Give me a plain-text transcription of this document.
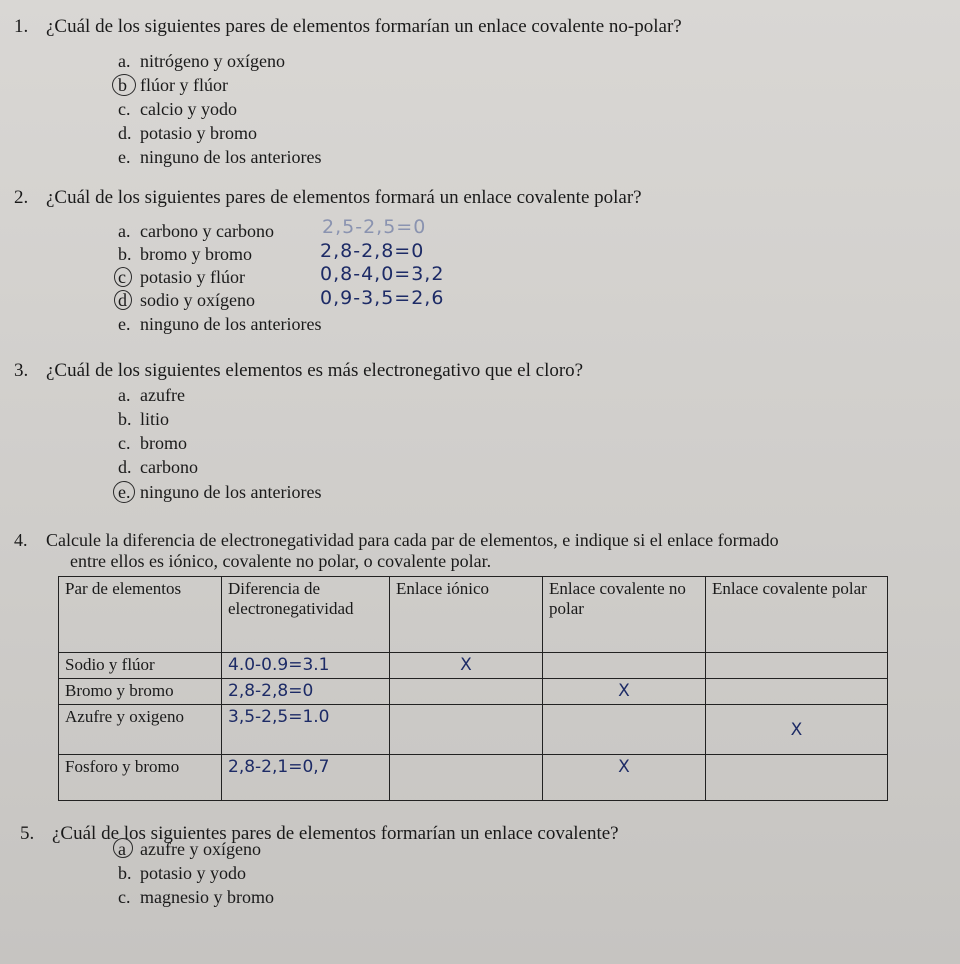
1. ¿Cuál de los siguientes pares de elementos formarían un enlace covalente no-polar?
a. nitrógeno y oxígeno
b flúor y flúor
c. calcio y yodo
d. potasio y bromo
e. ninguno de los anteriores
2. ¿Cuál de los siguientes pares de elementos formará un enlace covalente polar?
a. carbono y carbono
b. bromo y bromo
c potasio y flúor
d sodio y oxígeno
e. ninguno de los anteriores
2,5-2,5=0
2,8-2,8=0
0,8-4,0=3,2
0,9-3,5=2,6
3. ¿Cuál de los siguientes elementos es más electronegativo que el cloro?
a. azufre
b. litio
c. bromo
d. carbono
e. ninguno de los anteriores
4. Calcule la diferencia de electronegatividad para cada par de elementos, e indique si el enlace formado
entre ellos es iónico, covalente no polar, o covalente polar.
Par de elementos	Diferencia de electronegatividad	Enlace iónico	Enlace covalente no polar	Enlace covalente polar
Sodio y flúor	4.0-0.9=3.1	X		
Bromo y bromo	2,8-2,8=0		X	
Azufre y oxigeno	3,5-2,5=1.0			X
Fosforo y bromo	2,8-2,1=0,7		X	
5. ¿Cuál de los siguientes pares de elementos formarían un enlace covalente?
a azufre y oxígeno
b. potasio y yodo
c. magnesio y bromo
